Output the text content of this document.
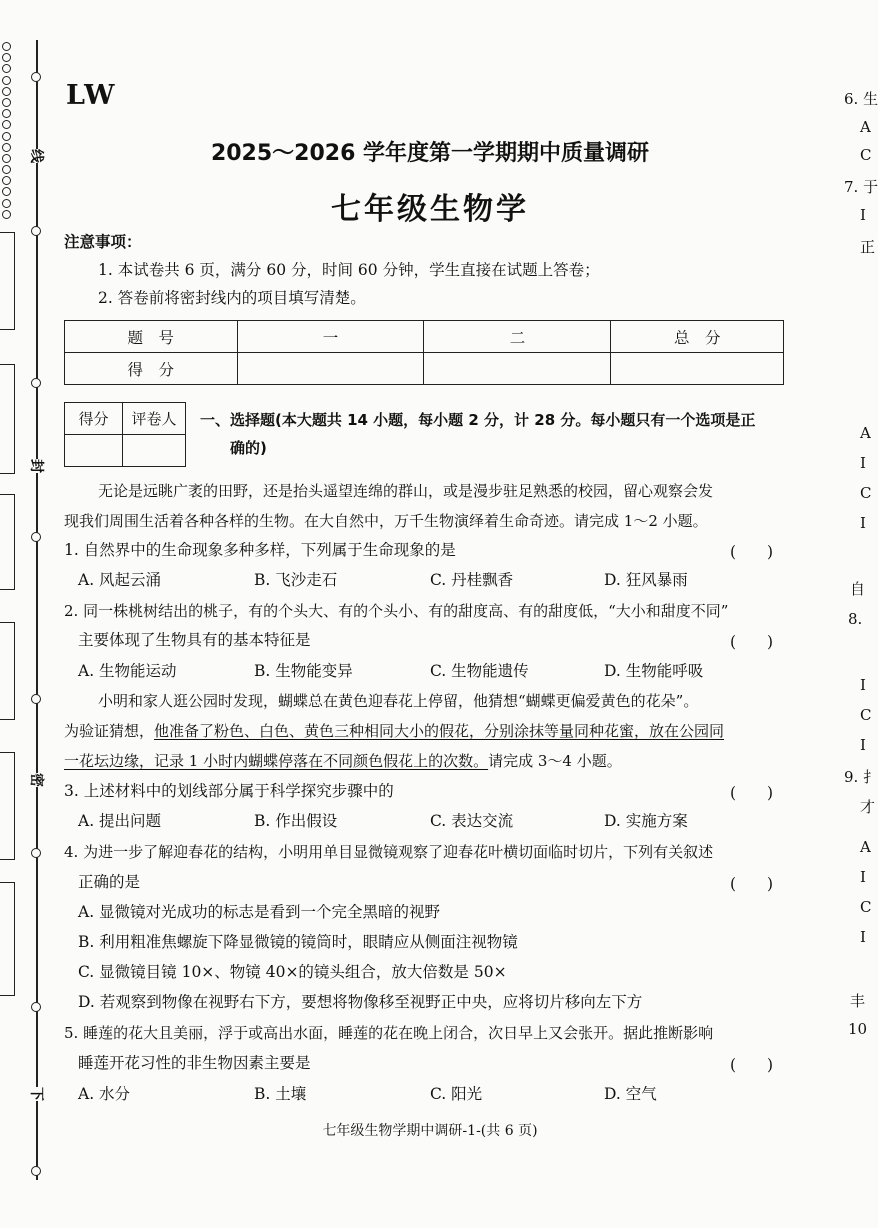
线
封
密
下
LW
2025～2026 学年度第一学期期中质量调研
七年级生物学
注意事项：
1. 本试卷共 6 页，满分 60 分，时间 60 分钟，学生直接在试题上答卷；
2. 答卷前将密封线内的项目填写清楚。
题　号	一	二	总　分
得　分			
得分	评卷人
	一、选择题(本大题共 14 小题，每小题 2 分，计 28 分。每小题只有一个选项是正
确的)
无论是远眺广袤的田野，还是抬头遥望连绵的群山，或是漫步驻足熟悉的校园，留心观察会发
现我们周围生活着各种各样的生物。在大自然中，万千生物演绎着生命奇迹。请完成 1～2 小题。
1. 自然界中的生命现象多种多样，下列属于生命现象的是	(　　)
A. 风起云涌	B. 飞沙走石	C. 丹桂飘香	D. 狂风暴雨
2. 同一株桃树结出的桃子，有的个头大、有的个头小、有的甜度高、有的甜度低，“大小和甜度不同”
主要体现了生物具有的基本特征是	(　　)
A. 生物能运动	B. 生物能变异	C. 生物能遗传	D. 生物能呼吸
小明和家人逛公园时发现，蝴蝶总在黄色迎春花上停留，他猜想“蝴蝶更偏爱黄色的花朵”。
为验证猜想，他准备了粉色、白色、黄色三种相同大小的假花，分别涂抹等量同种花蜜，放在公园同
一花坛边缘，记录 1 小时内蝴蝶停落在不同颜色假花上的次数。请完成 3～4 小题。
3. 上述材料中的划线部分属于科学探究步骤中的	(　　)
A. 提出问题	B. 作出假设	C. 表达交流	D. 实施方案
4. 为进一步了解迎春花的结构，小明用单目显微镜观察了迎春花叶横切面临时切片，下列有关叙述
正确的是	(　　)
A. 显微镜对光成功的标志是看到一个完全黑暗的视野
B. 利用粗准焦螺旋下降显微镜的镜筒时，眼睛应从侧面注视物镜
C. 显微镜目镜 10×、物镜 40×的镜头组合，放大倍数是 50×
D. 若观察到物像在视野右下方，要想将物像移至视野正中央，应将切片移向左下方
5. 睡莲的花大且美丽，浮于或高出水面，睡莲的花在晚上闭合，次日早上又会张开。据此推断影响
睡莲开花习性的非生物因素主要是	(　　)
A. 水分	B. 土壤	C. 阳光	D. 空气
七年级生物学期中调研-1-(共 6 页)
6. 生
A
C
7. 于
I
正
A
I
C
I
自
8.
I
C
I
9. 扌
才
A
I
C
I
丰
10
